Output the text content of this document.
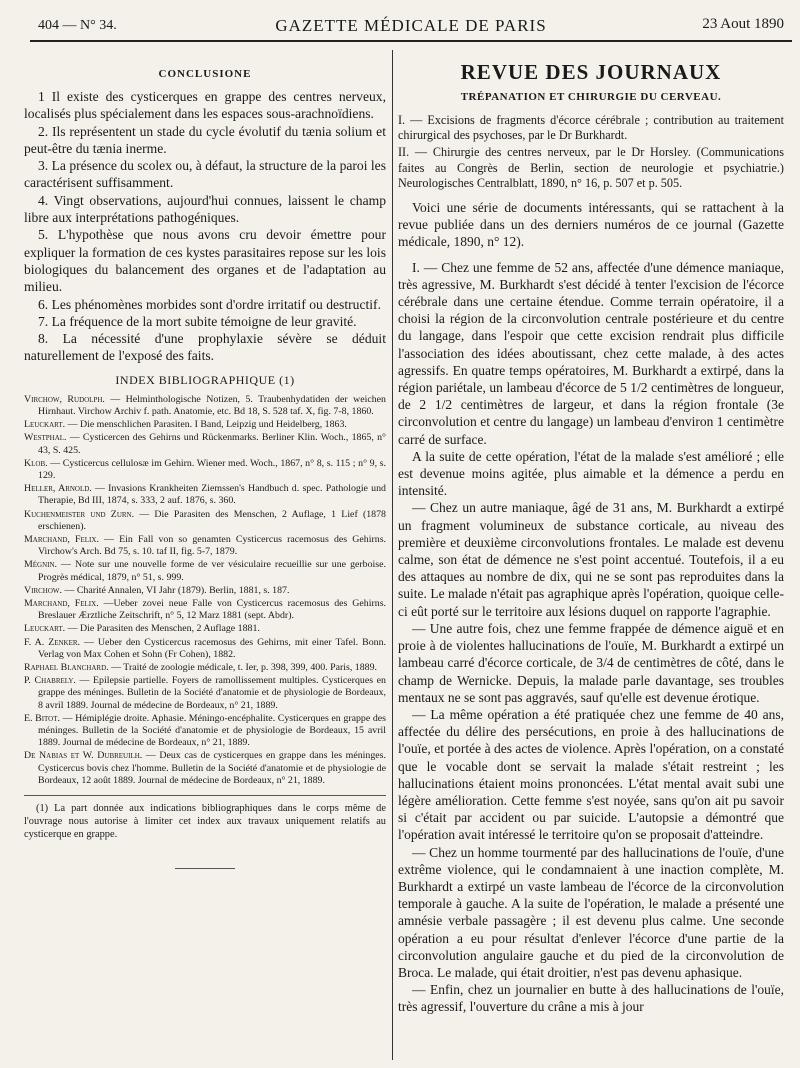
404 — N° 34.	GAZETTE MÉDICALE DE PARIS	23 Aout 1890
CONCLUSIONE

1 Il existe des cysticerques en grappe des centres nerveux, localisés plus spécialement dans les espaces sous-arachnoïdiens.

2. Ils représentent un stade du cycle évolutif du tænia solium et peut-être du tænia inerme.

3. La présence du scolex ou, à défaut, la structure de la paroi les caractérisent suffisamment.

4. Vingt observations, aujourd'hui connues, laissent le champ libre aux interprétations pathogéniques.

5. L'hypothèse que nous avons cru devoir émettre pour expliquer la formation de ces kystes parasitaires repose sur les lois biologiques du balancement des organes et de l'adaptation au milieu.

6. Les phénomènes morbides sont d'ordre irritatif ou destructif.

7. La fréquence de la mort subite témoigne de leur gravité.

8. La nécessité d'une prophylaxie sévère se déduit naturellement de l'exposé des faits.

INDEX BIBLIOGRAPHIQUE (1)

Virchow, Rudolph. — Helminthologische Notizen, 5. Traubenhydatiden der weichen Hirnhaut. Virchow Archiv f. path. Anatomie, etc. Bd 18, S. 528 taf. X, fig. 7-8, 1860.

Leuckart. — Die menschlichen Parasiten. I Band, Leipzig und Heidelberg, 1863.

Westphal. — Cysticercen des Gehirns und Rückenmarks. Berliner Klin. Woch., 1865, n° 43, S. 425.

Klob. — Cysticercus cellulosæ im Gehirn. Wiener med. Woch., 1867, n° 8, s. 115 ; n° 9, s. 129.

Heller, Arnold. — Invasions Krankheiten Ziemssen's Handbuch d. spec. Pathologie und Therapie, Bd III, 1874, s. 333, 2 auf. 1876, s. 360.

Kuchenmeister und Zurn. — Die Parasiten des Menschen, 2 Auflage, 1 Lief (1878 erschienen).

Marchand, Felix. — Ein Fall von so genamten Cysticercus racemosus des Gehirns. Virchow's Arch. Bd 75, s. 10. taf II, fig. 5-7, 1879.

Mégnin. — Note sur une nouvelle forme de ver vésiculaire recueillie sur une gerboise. Progrès médical, 1879, n° 51, s. 999.

Virchow. — Charité Annalen, VI Jahr (1879). Berlin, 1881, s. 187.

Marchand, Felix. —Ueber zovei neue Falle von Cysticercus racemosus des Gehirns. Breslauer Ærztliche Zeitschrift, n° 5, 12 Marz 1881 (sept. Abdr).

Leuckart. — Die Parasiten des Menschen, 2 Auflage 1881.

F. A. Zenker. — Ueber den Cysticercus racemosus des Gehirns, mit einer Tafel. Bonn. Verlag von Max Cohen et Sohn (Fr Cohen), 1882.

Raphael Blanchard. — Traité de zoologie médicale, t. Ier, p. 398, 399, 400. Paris, 1889.

P. Chabrely. — Epilepsie partielle. Foyers de ramollissement multiples. Cysticerques en grappe des méninges. Bulletin de la Société d'anatomie et de physiologie de Bordeaux, 8 avril 1889. Journal de médecine de Bordeaux, n° 21, 1889.

E. Bitot. — Hémiplégie droite. Aphasie. Méningo-encéphalite. Cysticerques en grappe des méninges. Bulletin de la Société d'anatomie et de physiologie de Bordeaux, 15 avril 1889. Journal de médecine de Bordeaux, n° 21, 1889.

De Nabias et W. Dubreuilh. — Deux cas de cysticerques en grappe dans les méninges. Cysticercus bovis chez l'homme. Bulletin de la Société d'anatomie et de physiologie de Bordeaux, 12 août 1889. Journal de médecine de Bordeaux, n° 21, 1889.

(1) La part donnée aux indications bibliographiques dans le corps même de l'ouvrage nous autorise à limiter cet index aux travaux uniquement relatifs au cysticerque en grappe.

REVUE DES JOURNAUX
TRÉPANATION ET CHIRURGIE DU CERVEAU.

I. — Excisions de fragments d'écorce cérébrale ; contribution au traitement chirurgical des psychoses, par le Dr Burkhardt.

II. — Chirurgie des centres nerveux, par le Dr Horsley. (Communications faites au Congrès de Berlin, section de neurologie et psychiatrie.) Neurologisches Centralblatt, 1890, n° 16, p. 507 et p. 505.

Voici une série de documents intéressants, qui se rattachent à la revue publiée dans un des derniers numéros de ce journal (Gazette médicale, 1890, n° 12).

I. — Chez une femme de 52 ans, affectée d'une démence maniaque, très agressive, M. Burkhardt s'est décidé à tenter l'excision de l'écorce cérébrale dans une certaine étendue. Comme terrain opératoire, il a choisi la région de la circonvolution centrale postérieure et du centre du langage, dans l'espoir que cette excision rendrait plus difficile l'association des idées aboutissant, chez cette malade, à des actes agressifs. En quatre temps opératoires, M. Burkhardt a extirpé, dans la région pariétale, un lambeau d'écorce de 5 1/2 centimètres de longueur, de 2 1/2 centimètres de largeur, et dans la région frontale (3e circonvolution et centre du langage) un lambeau d'environ 1 centimètre carré de surface.

A la suite de cette opération, l'état de la malade s'est amélioré ; elle est devenue moins agitée, plus aimable et la démence a perdu en intensité.

— Chez un autre maniaque, âgé de 31 ans, M. Burkhardt a extirpé un fragment volumineux de substance corticale, au niveau des première et deuxième circonvolutions frontales. Le malade est devenu calme, son état de démence ne s'est point accentué. Toutefois, il a eu des attaques au nombre de dix, qui ne se sont pas reproduites dans la suite. Le malade n'était pas agraphique après l'opération, quoique celle-ci eût porté sur le territoire aux lésions duquel on rapporte l'agraphie.

— Une autre fois, chez une femme frappée de démence aiguë et en proie à de violentes hallucinations de l'ouïe, M. Burkhardt a extirpé un lambeau carré d'écorce corticale, de 3/4 de centimètres de côté, dans le champ de Wernicke. Depuis, la malade parle davantage, ses troubles mentaux ne se sont pas aggravés, sauf qu'elle est devenue érotique.

— La même opération a été pratiquée chez une femme de 40 ans, affectée du délire des persécutions, en proie à des hallucinations de l'ouïe, et portée à des actes de violence. Après l'opération, on a constaté que le vocable dont se servait la malade s'était restreint ; les hallucinations étaient moins prononcées. L'état mental avait subi une légère amélioration. Cette femme s'est noyée, sans qu'on ait pu savoir si c'était par accident ou par suicide. L'autopsie a démontré que l'opération avait intéressé le territoire qu'on se proposait d'atteindre.

— Chez un homme tourmenté par des hallucinations de l'ouïe, d'une extrême violence, qui le condamnaient à une inaction complète, M. Burkhardt a extirpé un vaste lambeau de l'écorce de la circonvolution temporale à gauche. A la suite de l'opération, le malade a présenté une amnésie verbale passagère ; il est devenu plus calme. Une seconde opération a eu pour résultat d'enlever l'écorce d'une partie de la circonvolution angulaire gauche et du pied de la circonvolution de Broca. Le malade, qui était droitier, n'est pas devenu aphasique.

— Enfin, chez un journalier en butte à des hallucinations de l'ouïe, très agressif, l'ouverture du crâne a mis à jour
